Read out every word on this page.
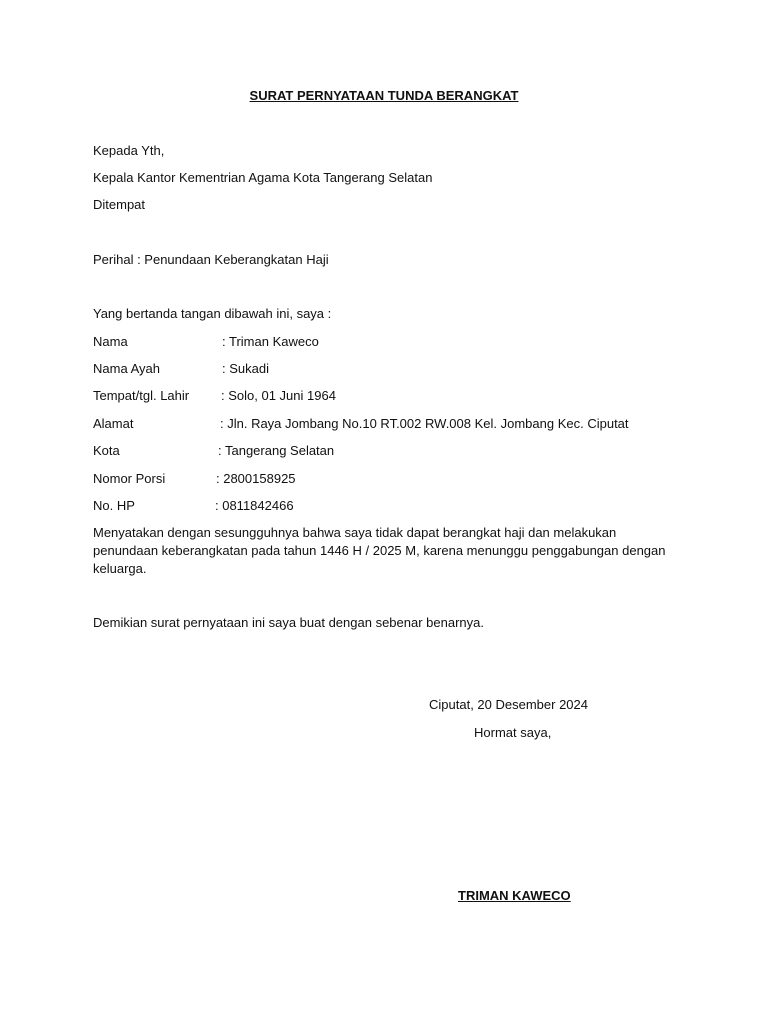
SURAT PERNYATAAN TUNDA BERANGKAT
Kepada Yth,
Kepala Kantor Kementrian Agama Kota Tangerang Selatan
Ditempat
Perihal : Penundaan Keberangkatan Haji
Yang bertanda tangan dibawah ini, saya :
Nama	: Triman Kaweco
Nama Ayah	: Sukadi
Tempat/tgl. Lahir : Solo, 01 Juni 1964
Alamat	: Jln. Raya Jombang No.10 RT.002 RW.008 Kel. Jombang Kec. Ciputat
Kota	: Tangerang Selatan
Nomor Porsi	: 2800158925
No. HP	: 0811842466
Menyatakan dengan sesungguhnya bahwa saya tidak dapat berangkat haji dan melakukan penundaan keberangkatan pada tahun 1446 H / 2025 M, karena menunggu penggabungan dengan keluarga.
Demikian surat pernyataan ini saya buat dengan sebenar benarnya.
Ciputat, 20 Desember 2024
Hormat saya,
TRIMAN KAWECO
